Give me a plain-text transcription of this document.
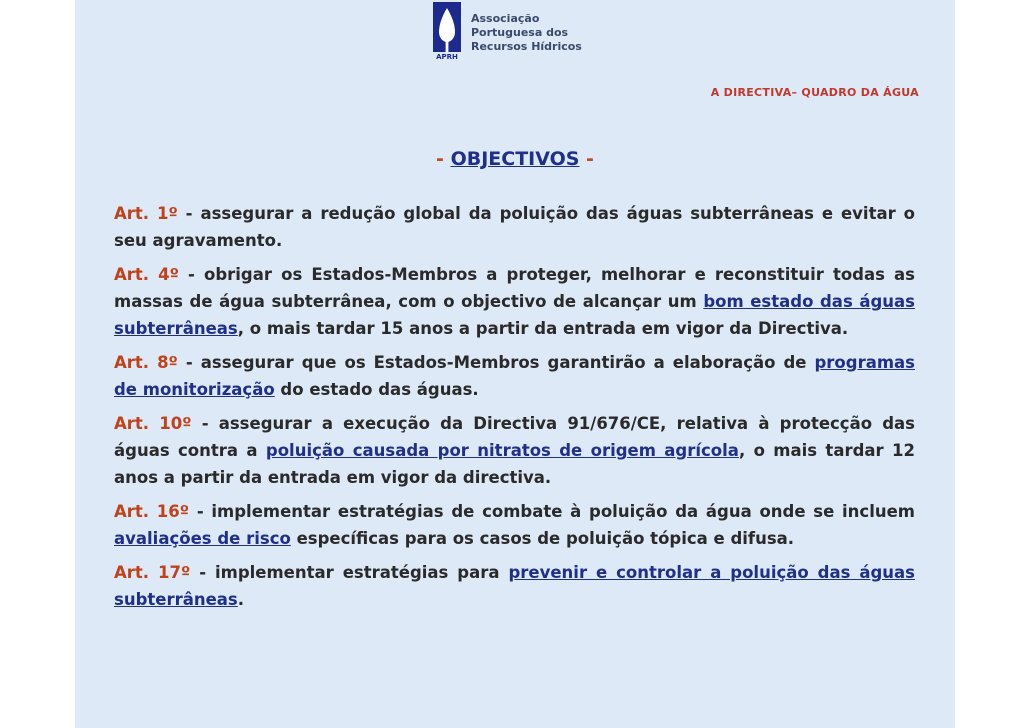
APRH
Associação
Portuguesa dos
Recursos Hídricos
A DIRECTIVA– QUADRO DA ÁGUA
- OBJECTIVOS -
Art. 1º - assegurar a redução global da poluição das águas subterrâneas e evitar o seu agravamento.
Art. 4º - obrigar os Estados-Membros a proteger, melhorar e reconstituir todas as massas de água subterrânea, com o objectivo de alcançar um bom estado das águas subterrâneas, o mais tardar 15 anos a partir da entrada em vigor da Directiva.
Art. 8º - assegurar que os Estados-Membros garantirão a elaboração de programas de monitorização do estado das águas.
Art. 10º - assegurar a execução da Directiva 91/676/CE, relativa à protecção das águas contra a poluição causada por nitratos de origem agrícola, o mais tardar 12 anos a partir da entrada em vigor da directiva.
Art. 16º - implementar estratégias de combate à poluição da água onde se incluem avaliações de risco específicas para os casos de poluição tópica e difusa.
Art. 17º - implementar estratégias para prevenir e controlar a poluição das águas subterrâneas.
